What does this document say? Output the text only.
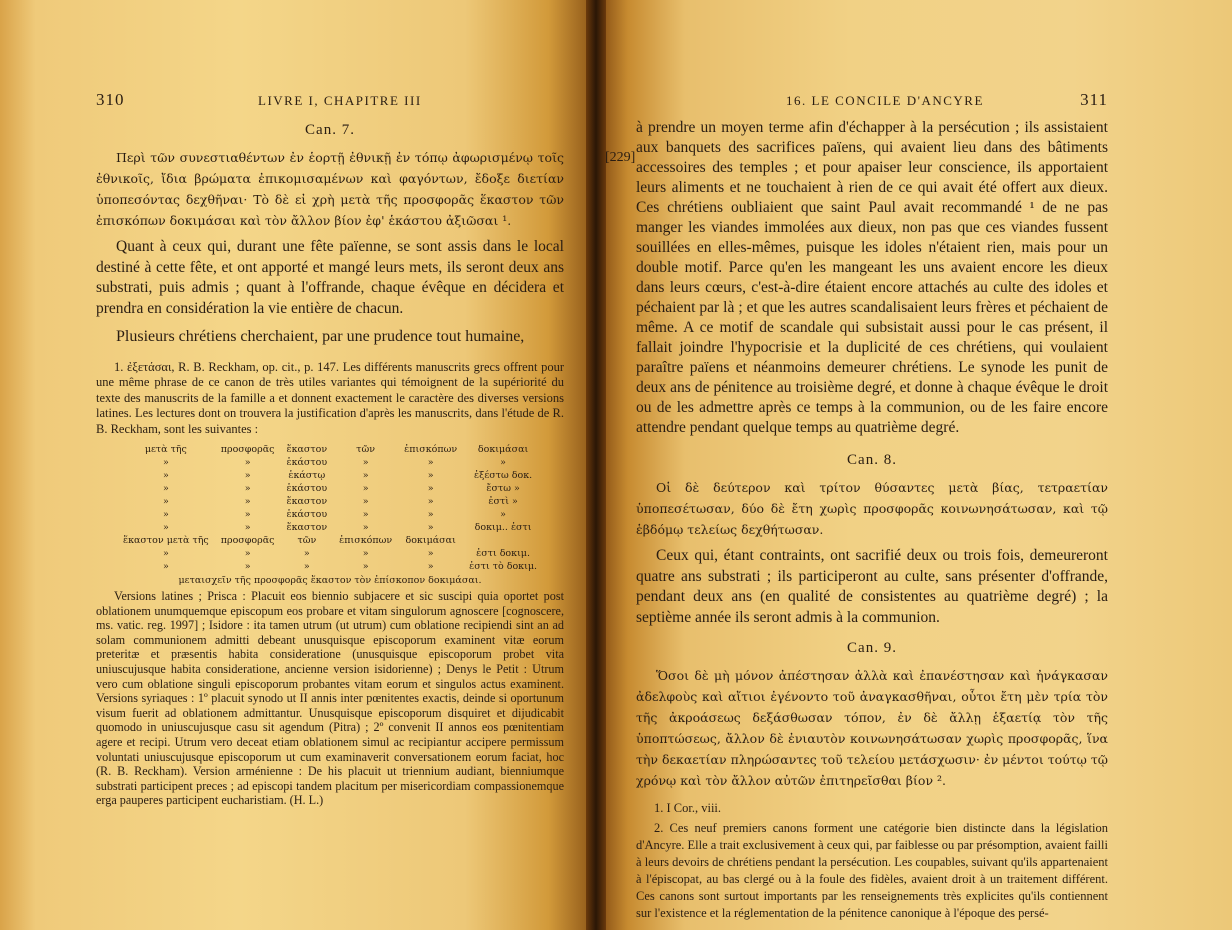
310	LIVRE I, CHAPITRE III
Can. 7.

Περὶ τῶν συνεστιαθέντων ἐν ἑορτῇ ἐθνικῇ ἐν τόπῳ ἀφωρισμένῳ τοῖς ἐθνικοῖς, ἴδια βρώματα ἐπικομισαμένων καὶ φαγόντων, ἔδοξε διετίαν ὑποπεσόντας δεχθῆναι· Τὸ δὲ εἰ χρὴ μετὰ τῆς προσφορᾶς ἕκαστον τῶν ἐπισκόπων δοκιμάσαι καὶ τὸν ἄλλον βίον ἐφ' ἑκάστου ἀξιῶσαι ¹.

Quant à ceux qui, durant une fête païenne, se sont assis dans le local destiné à cette fête, et ont apporté et mangé leurs mets, ils seront deux ans substrati, puis admis ; quant à l'offrande, chaque évêque en décidera et prendra en considération la vie entière de chacun.

Plusieurs chrétiens cherchaient, par une prudence tout humaine,

1. ἐξετάσαι, R. B. Reckham, op. cit., p. 147. Les différents manuscrits grecs offrent pour une même phrase de ce canon de très utiles variantes qui témoignent de la supériorité du texte des manuscrits de la famille a et donnent exactement le caractère des diverses versions latines. Les lectures dont on trouvera la justification d'après les manuscrits, dans l'étude de R. B. Reckham, sont les suivantes :

μετὰ τῆς	προσφορᾶς	ἕκαστον	τῶν	ἐπισκόπων	δοκιμάσαι
»	»	ἑκάστου	»	»	»
»	»	ἑκάστῳ	»	»	ἐξέστω δοκ.
»	»	ἑκάστου	»	»	ἔστω »
»	»	ἕκαστον	»	»	ἐστὶ »
»	»	ἑκάστου	»	»	»
»	»	ἕκαστον	»	»	δοκιμ.. ἐστι
ἕκαστον μετὰ τῆς	προσφορᾶς	τῶν	ἐπισκόπων	δοκιμάσαι	
»	»	»	»	»	ἐστι δοκιμ.
»	»	»	»	»	ἐστι τὸ δοκιμ.
μεταισχεῖν τῆς προσφορᾶς ἕκαστον τὸν ἐπίσκοπον δοκιμάσαι.

Versions latines ; Prisca : Placuit eos biennio subjacere et sic suscipi quia oportet post oblationem unumquemque episcopum eos probare et vitam singulorum agnoscere [cognoscere, ms. vatic. reg. 1997] ; Isidore : ita tamen utrum (ut utrum) cum oblatione recipiendi sint an ad solam communionem admitti debeant unusquisque episcoporum examinent vitæ eorum preteritæ et præsentis habita consideratione (unusquisque episcoporum probet vita uniuscujusque habita considerationе, ancienne version isidorienne) ; Denys le Petit : Utrum vero cum oblatione singuli episcoporum probantes vitam eorum et singulos actus examinent. Versions syriaques : 1º placuit synodo ut II annis inter pœnitentes exactis, deinde si oportunum visum fuerit ad oblationem admittantur. Unusquisque episcoporum disquiret et dijudicabit quomodo in uniuscujusque casu sit agendum (Pitra) ; 2º convenit II annos eos pœnitentiam agere et recipi. Utrum vero deceat etiam oblationem simul ac recipiantur accipere permissum voluntati uniuscujusque episcoporum ut cum examinaverit conversationem eorum faciat, hoc (R. B. Reckham). Version arménienne : De his placuit ut triennium audiant, bienniumque substrati participent preces ; ad episcopi tandem placitum per misericordiam compassionemque erga pauperes participent eucharistiam. (H. L.)

[229]
16. LE CONCILE D'ANCYRE	311

à prendre un moyen terme afin d'échapper à la persécution ; ils assistaient aux banquets des sacrifices païens, qui avaient lieu dans des bâtiments accessoires des temples ; et pour apaiser leur conscience, ils apportaient leurs aliments et ne touchaient à rien de ce qui avait été offert aux dieux. Ces chrétiens oubliaient que saint Paul avait recommandé ¹ de ne pas manger les viandes immolées aux dieux, non pas que ces viandes fussent souillées en elles-mêmes, puisque les idoles n'étaient rien, mais pour un double motif. Parce qu'en les mangeant les uns avaient encore les dieux dans leurs cœurs, c'est-à-dire étaient encore attachés au culte des idoles et péchaient par là ; et que les autres scandalisaient leurs frères et péchaient de même. A ce motif de scandale qui subsistait aussi pour le cas présent, il fallait joindre l'hypocrisie et la duplicité de ces chrétiens, qui voulaient paraître païens et néanmoins demeurer chrétiens. Le synode les punit de deux ans de pénitence au troisième degré, et donne à chaque évêque le droit ou de les admettre après ce temps à la communion, ou de les faire encore attendre pendant quelque temps au quatrième degré.

Can. 8.

Οἱ δὲ δεύτερον καὶ τρίτον θύσαντες μετὰ βίας, τετραετίαν ὑποπεσέτωσαν, δύο δὲ ἔτη χωρὶς προσφορᾶς κοινωνησάτωσαν, καὶ τῷ ἑβδόμῳ τελείως δεχθήτωσαν.

Ceux qui, étant contraints, ont sacrifié deux ou trois fois, demeureront quatre ans substrati ; ils participeront au culte, sans présenter d'offrande, pendant deux ans (en qualité de consistentes au quatrième degré) ; la septième année ils seront admis à la communion.

Can. 9.

Ὅσοι δὲ μὴ μόνον ἀπέστησαν ἀλλὰ καὶ ἐπανέστησαν καὶ ἠνάγκασαν ἀδελφοὺς καὶ αἴτιοι ἐγένοντο τοῦ ἀναγκασθῆναι, οὗτοι ἔτη μὲν τρία τὸν τῆς ἀκροάσεως δεξάσθωσαν τόπον, ἐν δὲ ἄλλῃ ἑξαετίᾳ τὸν τῆς ὑποπτώσεως, ἄλλον δὲ ἐνιαυτὸν κοινωνησάτωσαν χωρὶς προσφορᾶς, ἵνα τὴν δεκαετίαν πληρώσαντες τοῦ τελείου μετάσχωσιν· ἐν μέντοι τούτῳ τῷ χρόνῳ καὶ τὸν ἄλλον αὐτῶν ἐπιτηρεῖσθαι βίον ².

1. I Cor., viii.

2. Ces neuf premiers canons forment une catégorie bien distincte dans la législation d'Ancyre. Elle a trait exclusivement à ceux qui, par faiblesse ou par présomption, avaient failli à leurs devoirs de chrétiens pendant la persécution. Les coupables, suivant qu'ils appartenaient à l'épiscopat, au bas clergé ou à la foule des fidèles, avaient droit à un traitement différent. Ces canons sont surtout importants par les renseignements très explicites qu'ils contiennent sur l'existence et la réglementation de la pénitence canonique à l'époque des persé-
